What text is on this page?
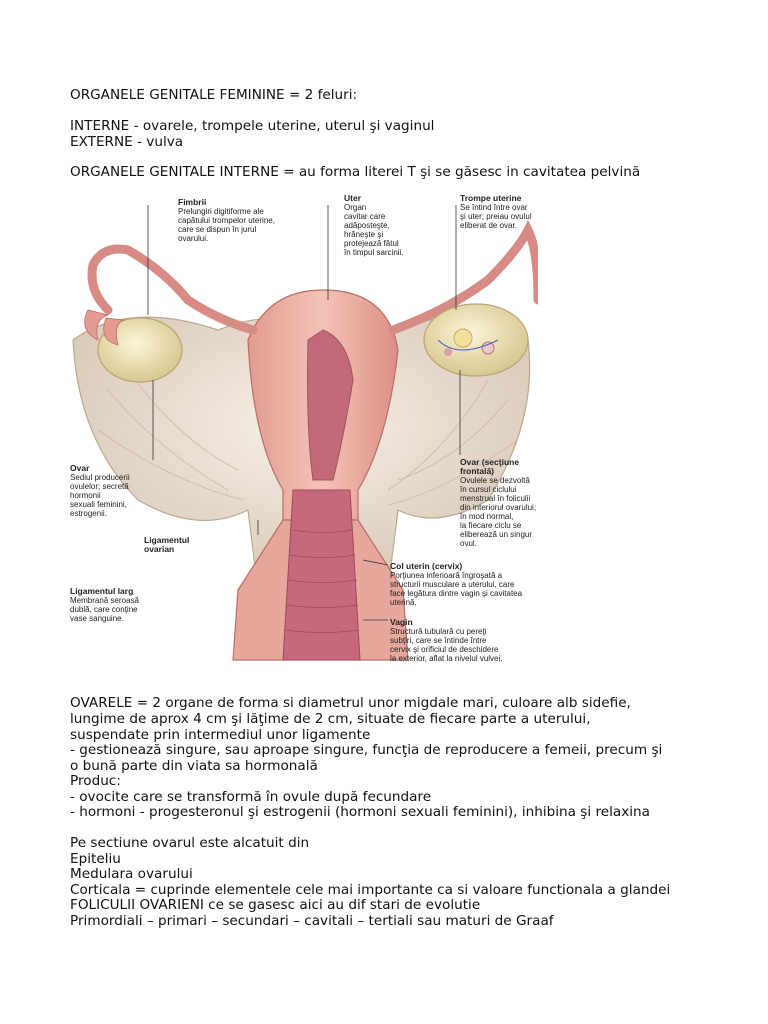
ORGANELE GENITALE FEMININE = 2 feluri:
INTERNE - ovarele, trompele uterine, uterul şi vaginul
EXTERNE - vulva
ORGANELE GENITALE INTERNE = au forma literei T şi se găsesc in cavitatea pelvină
Fimbrii
Prelungiri digitiforme ale
capătului trompelor uterine,
care se dispun în jurul
ovarului.
Uter
Organ
cavitar care
adăposteşte,
hrăneşte şi
protejează fătul
în timpul sarcinii.
Trompe uterine
Se întind între ovar
şi uter; preiau ovulul
eliberat de ovar.
Ovar
Sediul producerii
ovulelor; secretă
hormonii
sexuali feminini,
estrogenii.
Ovar (secţiune
frontală)
Ovulele se dezvoltă
în cursul ciclului
menstrual în foliculii
din interiorul ovarului;
în mod normal,
la fiecare ciclu se
eliberează un singur
ovul.
Ligamentul
ovarian
Col uterin (cervix)
Porţiunea inferioară îngroşată a
structurii musculare a uterului, care
face legătura dintre vagin şi cavitatea
uterină.
Ligamentul larg
Membrană seroasă
dublă, care conţine
vase sanguine.	Vagin
Structură tubulară cu pereţi
subţiri, care se întinde între
cervix şi orificiul de deschidere
la exterior, aflat la nivelul vulvei.
OVARELE = 2 organe de forma si diametrul unor migdale mari, culoare alb sidefie,
lungime de aprox 4 cm şi lăţime de 2 cm, situate de fiecare parte a uterului,
suspendate prin intermediul unor ligamente
- gestionează singure, sau aproape singure, funcţia de reproducere a femeii, precum şi
o bună parte din viata sa hormonală
Produc:
- ovocite care se transformă în ovule după fecundare
- hormoni - progesteronul şi estrogenii (hormoni sexuali feminini), inhibina şi relaxina
Pe sectiune ovarul este alcatuit din
Epiteliu
Medulara ovarului
Corticala = cuprinde elementele cele mai importante ca si valoare functionala a glandei
FOLICULII OVARIENI ce se gasesc aici au dif stari de evolutie
Primordiali – primari – secundari – cavitali – tertiali sau maturi de Graaf
